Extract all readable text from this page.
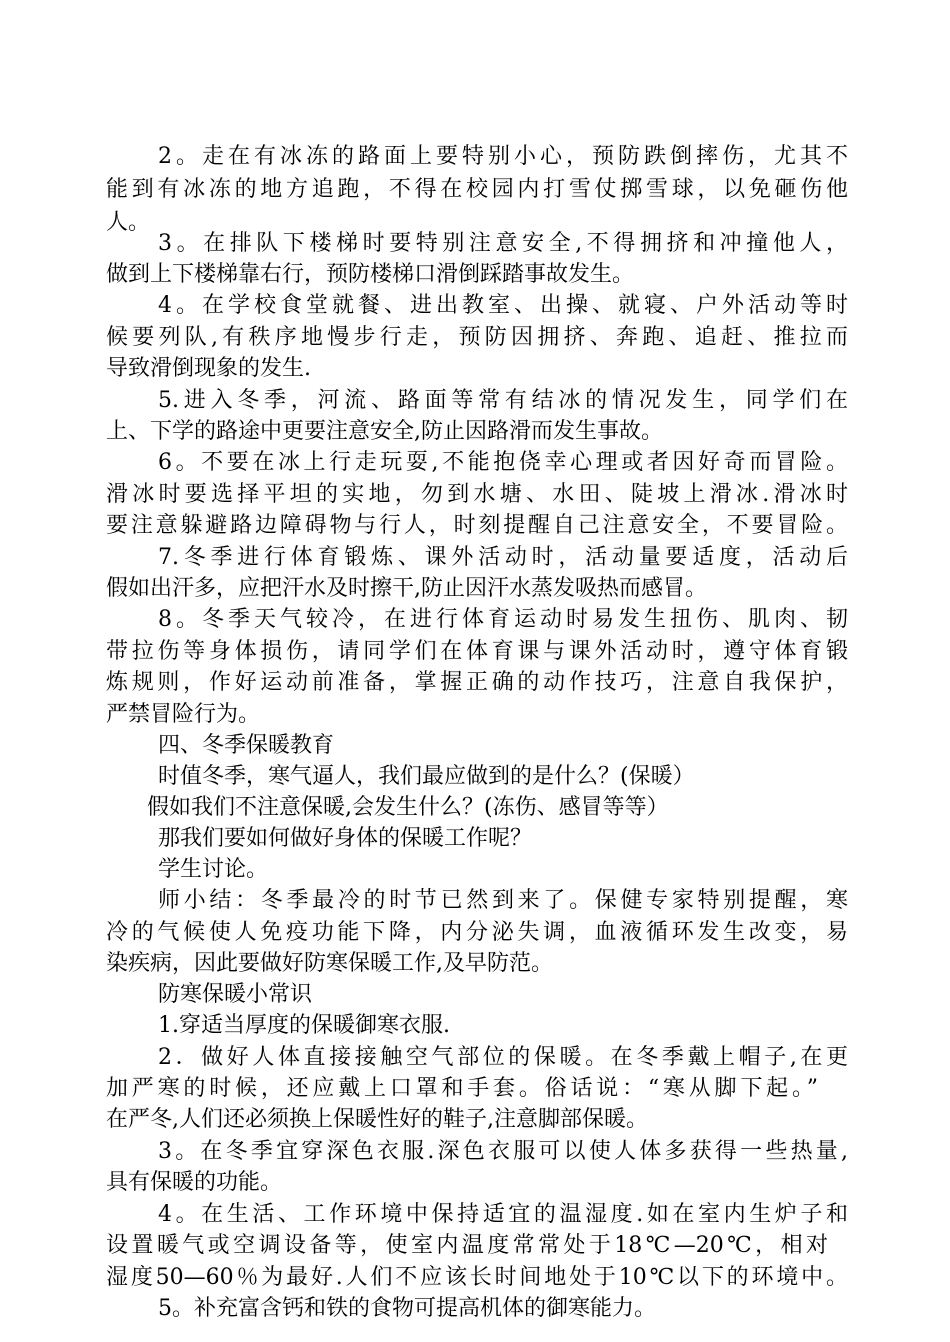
2。走在有冰冻的路面上要特别小心，预防跌倒摔伤，尤其不
能到有冰冻的地方追跑，不得在校园内打雪仗掷雪球，以免砸伤他
人。
3。在排队下楼梯时要特别注意安全,不得拥挤和冲撞他人，
做到上下楼梯靠右行，预防楼梯口滑倒踩踏事故发生。
4。在学校食堂就餐、进出教室、出操、就寝、户外活动等时
候要列队,有秩序地慢步行走，预防因拥挤、奔跑、追赶、推拉而
导致滑倒现象的发生.
5.进入冬季，河流、路面等常有结冰的情况发生，同学们在
上、下学的路途中更要注意安全,防止因路滑而发生事故。
6。不要在冰上行走玩耍,不能抱侥幸心理或者因好奇而冒险。
滑冰时要选择平坦的实地，勿到水塘、水田、陡坡上滑冰.滑冰时
要注意躲避路边障碍物与行人，时刻提醒自己注意安全，不要冒险。
7.冬季进行体育锻炼、课外活动时，活动量要适度，活动后
假如出汗多，应把汗水及时擦干,防止因汗水蒸发吸热而感冒。
8。冬季天气较冷，在进行体育运动时易发生扭伤、肌肉、韧
带拉伤等身体损伤，请同学们在体育课与课外活动时，遵守体育锻
炼规则，作好运动前准备，掌握正确的动作技巧，注意自我保护，
严禁冒险行为。
四、冬季保暖教育
时值冬季，寒气逼人，我们最应做到的是什么？(保暖）
假如我们不注意保暖,会发生什么？(冻伤、感冒等等）
那我们要如何做好身体的保暖工作呢？
学生讨论。
师小结：冬季最冷的时节已然到来了。保健专家特别提醒，寒
冷的气候使人免疫功能下降，内分泌失调，血液循环发生改变，易
染疾病，因此要做好防寒保暖工作,及早防范。
防寒保暖小常识
1.穿适当厚度的保暖御寒衣服.
2．做好人体直接接触空气部位的保暖。在冬季戴上帽子,在更
加严寒的时候，还应戴上口罩和手套。俗话说：“寒从脚下起。”
在严冬,人们还必须换上保暖性好的鞋子,注意脚部保暖。
3。在冬季宜穿深色衣服.深色衣服可以使人体多获得一些热量,
具有保暖的功能。
4。在生活、工作环境中保持适宜的温湿度.如在室内生炉子和
设置暖气或空调设备等，使室内温度常常处于18℃—20℃，相对
湿度50—60％为最好.人们不应该长时间地处于10℃以下的环境中。
5。补充富含钙和铁的食物可提高机体的御寒能力。
